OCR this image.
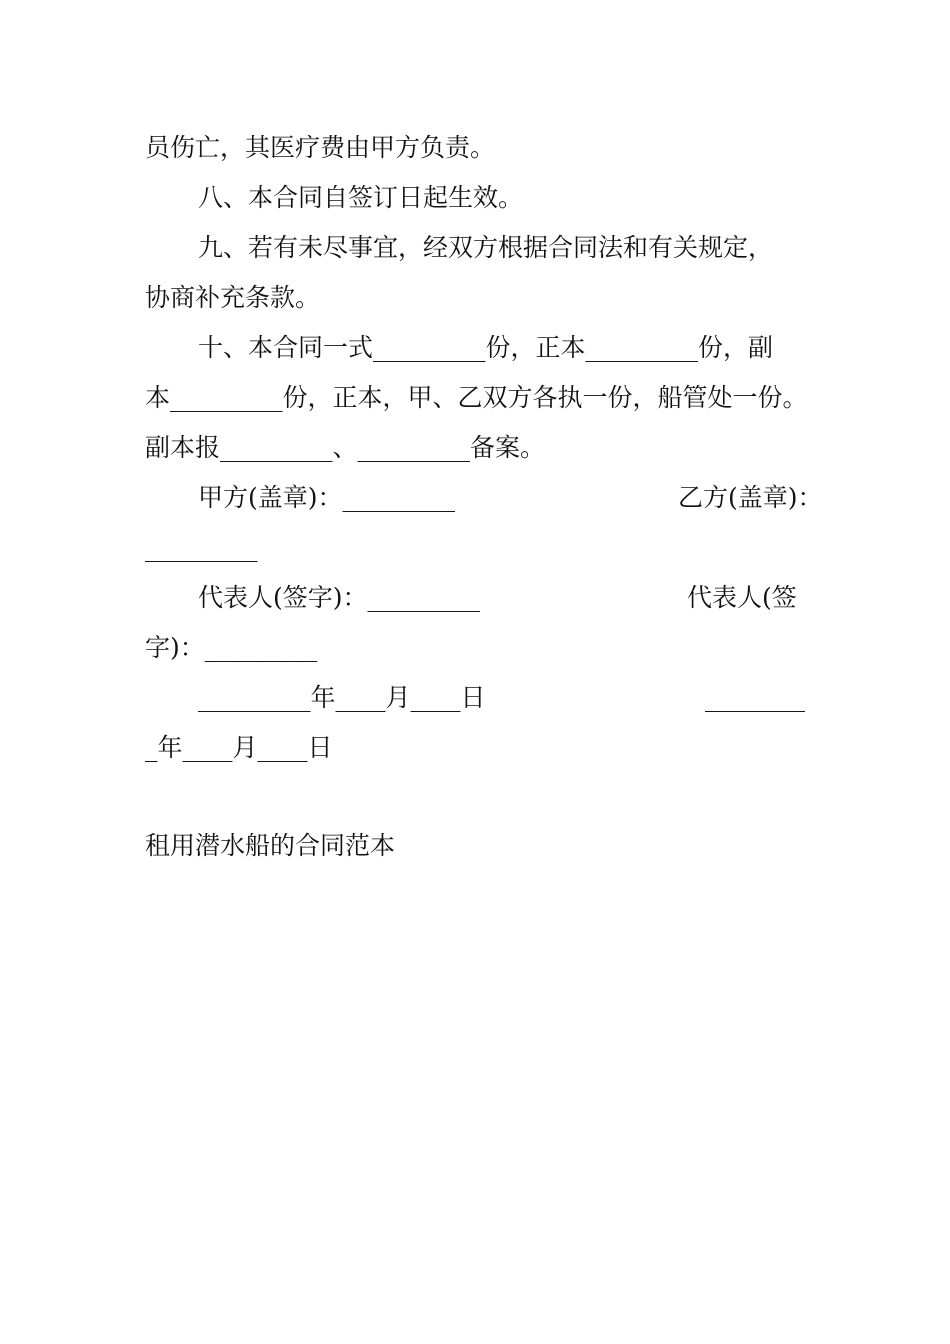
员伤亡，其医疗费由甲方负责。
八、本合同自签订日起生效。
九、若有未尽事宜，经双方根据合同法和有关规定，
协商补充条款。
十、本合同一式_________份，正本_________份，副
本_________份，正本，甲、乙双方各执一份，船管处一份。
副本报_________、_________备案。
甲方(盖章)：_________	乙方(盖章)：
_________
代表人(签字)：_________	代表人(签
字)：_________
_________年____月____日	________
_年____月____日
租用潜水船的合同范本
